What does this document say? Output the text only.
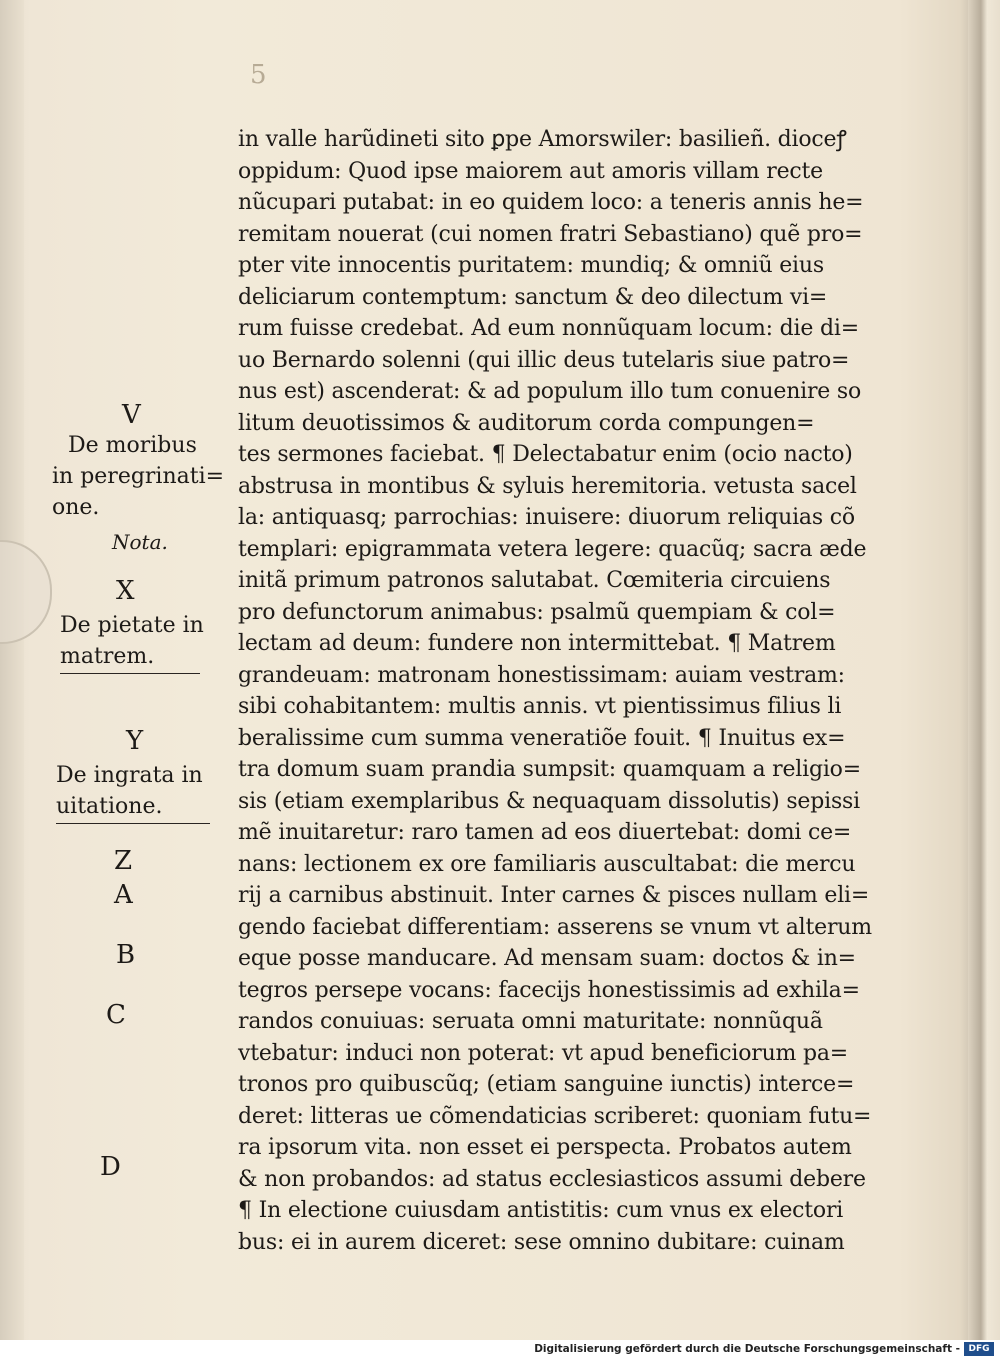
5
in valle harũdineti sito ꝑpe Amorswiler: basilieñ. dioceꝭ
oppidum: Quod ipse maiorem aut amoris villam recte
nũcupari putabat: in eo quidem loco: a teneris annis he=
remitam nouerat (cui nomen fratri Sebastiano) quẽ pro=
pter vite innocentis puritatem: mundiq; & omniũ eius
deliciarum contemptum: sanctum & deo dilectum vi=
rum fuisse credebat. Ad eum nonnũquam locum: die di=
uo Bernardo solenni (qui illic deus tutelaris siue patro=
nus est) ascenderat: & ad populum illo tum conuenire so
litum deuotissimos & auditorum corda compungen=
tes sermones faciebat. ¶ Delectabatur enim (ocio nacto)
abstrusa in montibus & syluis heremitoria. vetusta sacel
la: antiquasq; parrochias: inuisere: diuorum reliquias cõ
templari: epigrammata vetera legere: quacũq; sacra æde
initã primum patronos salutabat. Cœmiteria circuiens
pro defunctorum animabus: psalmũ quempiam & col=
lectam ad deum: fundere non intermittebat. ¶ Matrem
grandeuam: matronam honestissimam: auiam vestram:
sibi cohabitantem: multis annis. vt pientissimus filius li
beralissime cum summa veneratiõe fouit. ¶ Inuitus ex=
tra domum suam prandia sumpsit: quamquam a religio=
sis (etiam exemplaribus & nequaquam dissolutis) sepissi
mẽ inuitaretur: raro tamen ad eos diuertebat: domi ce=
nans: lectionem ex ore familiaris auscultabat: die mercu
rij a carnibus abstinuit. Inter carnes & pisces nullam eli=
gendo faciebat differentiam: asserens se vnum vt alterum
eque posse manducare. Ad mensam suam: doctos & in=
tegros persepe vocans: facecijs honestissimis ad exhila=
randos conuiuas: seruata omni maturitate: nonnũquã
vtebatur: induci non poterat: vt apud beneficiorum pa=
tronos pro quibuscũq; (etiam sanguine iunctis) interce=
deret: litteras ue cõmendaticias scriberet: quoniam futu=
ra ipsorum vita. non esset ei perspecta. Probatos autem
& non probandos: ad status ecclesiasticos assumi debere
¶ In electione cuiusdam antistitis: cum vnus ex electori
bus: ei in aurem diceret: sese omnino dubitare: cuinam
V
De moribus
in peregrinati=
one.
Nota.
X
De pietate in
matrem.
Y
De ingrata in
uitatione.
Z
A
B
C
D
Digitalisierung gefördert durch die Deutsche Forschungsgemeinschaft - DFG
